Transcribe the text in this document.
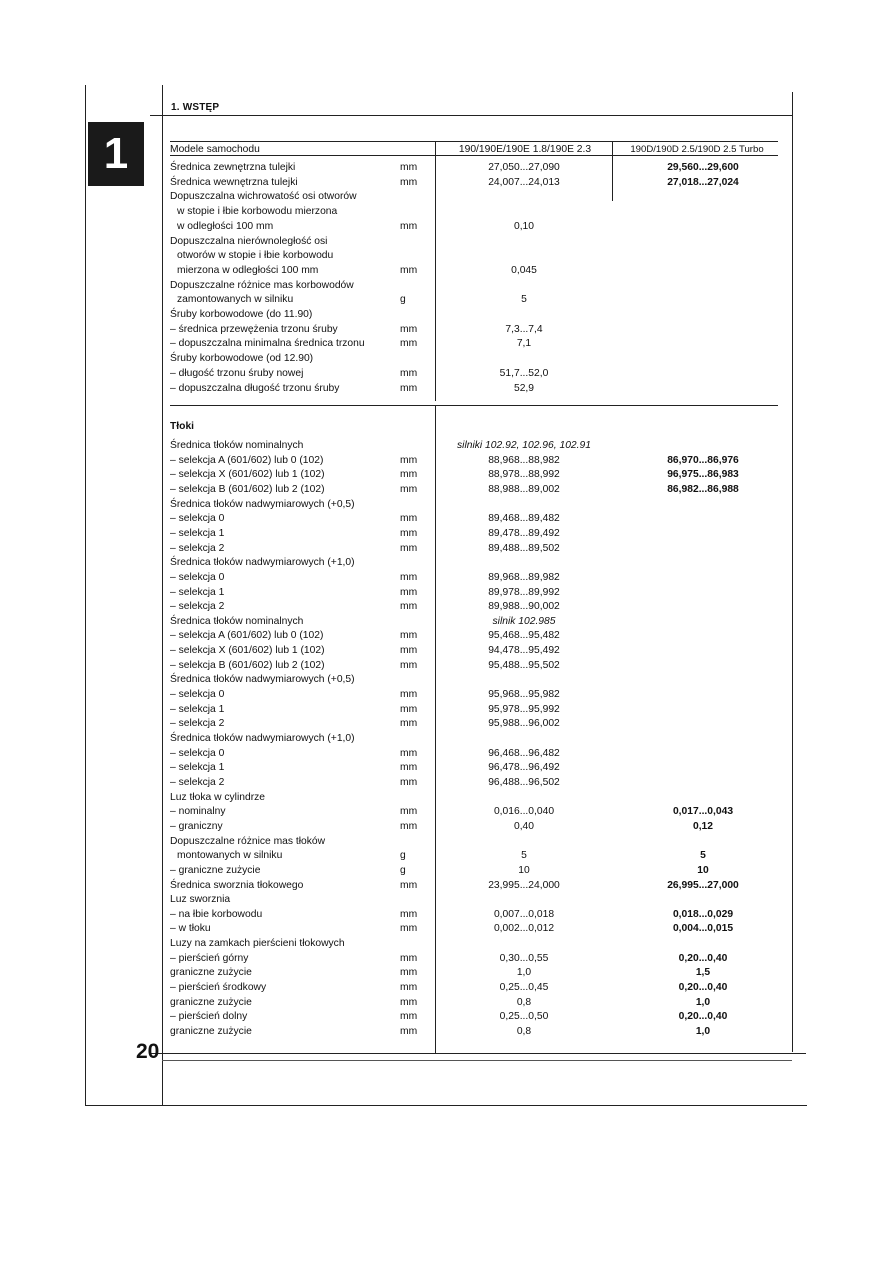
1
1. WSTĘP
20
Modele samochodu	190/190E/190E 1.8/190E 2.3	190D/190D 2.5/190D 2.5 Turbo
Średnica zewnętrzna tulejki	mm	27,050...27,090	29,560...29,600
Średnica wewnętrzna tulejki	mm	24,007...24,013	27,018...27,024
Dopuszczalna wichrowatość osi otworów
w stopie i łbie korbowodu mierzona
w odległości 100 mm	mm	0,10
Dopuszczalna nierównoległość osi
otworów w stopie i łbie korbowodu
mierzona w odległości 100 mm	mm	0,045
Dopuszczalne różnice mas korbowodów
zamontowanych w silniku	g	5
Śruby korbowodowe (do 11.90)
– średnica przewężenia trzonu śruby	mm	7,3...7,4
– dopuszczalna minimalna średnica trzonu	mm	7,1
Śruby korbowodowe (od 12.90)
– długość trzonu śruby nowej	mm	51,7...52,0
– dopuszczalna długość trzonu śruby	mm	52,9
Tłoki
Średnica tłoków nominalnych	silniki 102.92, 102.96, 102.91
– selekcja A (601/602) lub 0 (102)	mm	88,968...88,982	86,970...86,976
– selekcja X (601/602) lub 1 (102)	mm	88,978...88,992	96,975...86,983
– selekcja B (601/602) lub 2 (102)	mm	88,988...89,002	86,982...86,988
Średnica tłoków nadwymiarowych (+0,5)
– selekcja 0	mm	89,468...89,482
– selekcja 1	mm	89,478...89,492
– selekcja 2	mm	89,488...89,502
Średnica tłoków nadwymiarowych (+1,0)
– selekcja 0	mm	89,968...89,982
– selekcja 1	mm	89,978...89,992
– selekcja 2	mm	89,988...90,002
Średnica tłoków nominalnych	silnik 102.985
– selekcja A (601/602) lub 0 (102)	mm	95,468...95,482
– selekcja X (601/602) lub 1 (102)	mm	94,478...95,492
– selekcja B (601/602) lub 2 (102)	mm	95,488...95,502
Średnica tłoków nadwymiarowych (+0,5)
– selekcja 0	mm	95,968...95,982
– selekcja 1	mm	95,978...95,992
– selekcja 2	mm	95,988...96,002
Średnica tłoków nadwymiarowych (+1,0)
– selekcja 0	mm	96,468...96,482
– selekcja 1	mm	96,478...96,492
– selekcja 2	mm	96,488...96,502
Luz tłoka w cylindrze
– nominalny	mm	0,016...0,040	0,017...0,043
– graniczny	mm	0,40	0,12
Dopuszczalne różnice mas tłoków
montowanych w silniku	g	5	5
– graniczne zużycie	g	10	10
Średnica sworznia tłokowego	mm	23,995...24,000	26,995...27,000
Luz sworznia
– na łbie korbowodu	mm	0,007...0,018	0,018...0,029
– w tłoku	mm	0,002...0,012	0,004...0,015
Luzy na zamkach pierścieni tłokowych
– pierścień górny	mm	0,30...0,55	0,20...0,40
graniczne zużycie	mm	1,0	1,5
– pierścień środkowy	mm	0,25...0,45	0,20...0,40
graniczne zużycie	mm	0,8	1,0
– pierścień dolny	mm	0,25...0,50	0,20...0,40
graniczne zużycie	mm	0,8	1,0
